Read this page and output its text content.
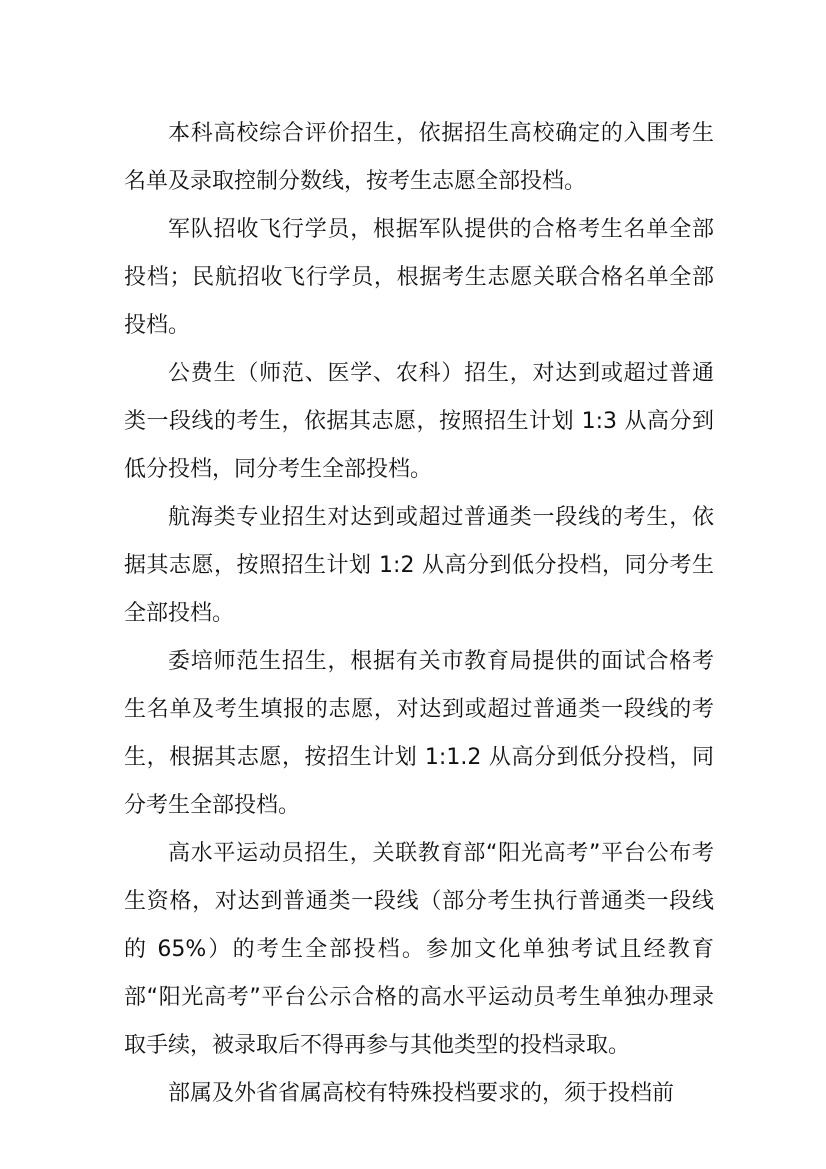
本科高校综合评价招生，依据招生高校确定的入围考生名单及录取控制分数线，按考生志愿全部投档。

军队招收飞行学员，根据军队提供的合格考生名单全部投档；民航招收飞行学员，根据考生志愿关联合格名单全部投档。

公费生（师范、医学、农科）招生，对达到或超过普通类一段线的考生，依据其志愿，按照招生计划 1:3 从高分到低分投档，同分考生全部投档。

航海类专业招生对达到或超过普通类一段线的考生，依据其志愿，按照招生计划 1:2 从高分到低分投档，同分考生全部投档。

委培师范生招生，根据有关市教育局提供的面试合格考生名单及考生填报的志愿，对达到或超过普通类一段线的考生，根据其志愿，按招生计划 1:1.2 从高分到低分投档，同分考生全部投档。

高水平运动员招生，关联教育部“阳光高考”平台公布考生资格，对达到普通类一段线（部分考生执行普通类一段线的 65%）的考生全部投档。参加文化单独考试且经教育部“阳光高考”平台公示合格的高水平运动员考生单独办理录取手续，被录取后不得再参与其他类型的投档录取。

部属及外省省属高校有特殊投档要求的，须于投档前
